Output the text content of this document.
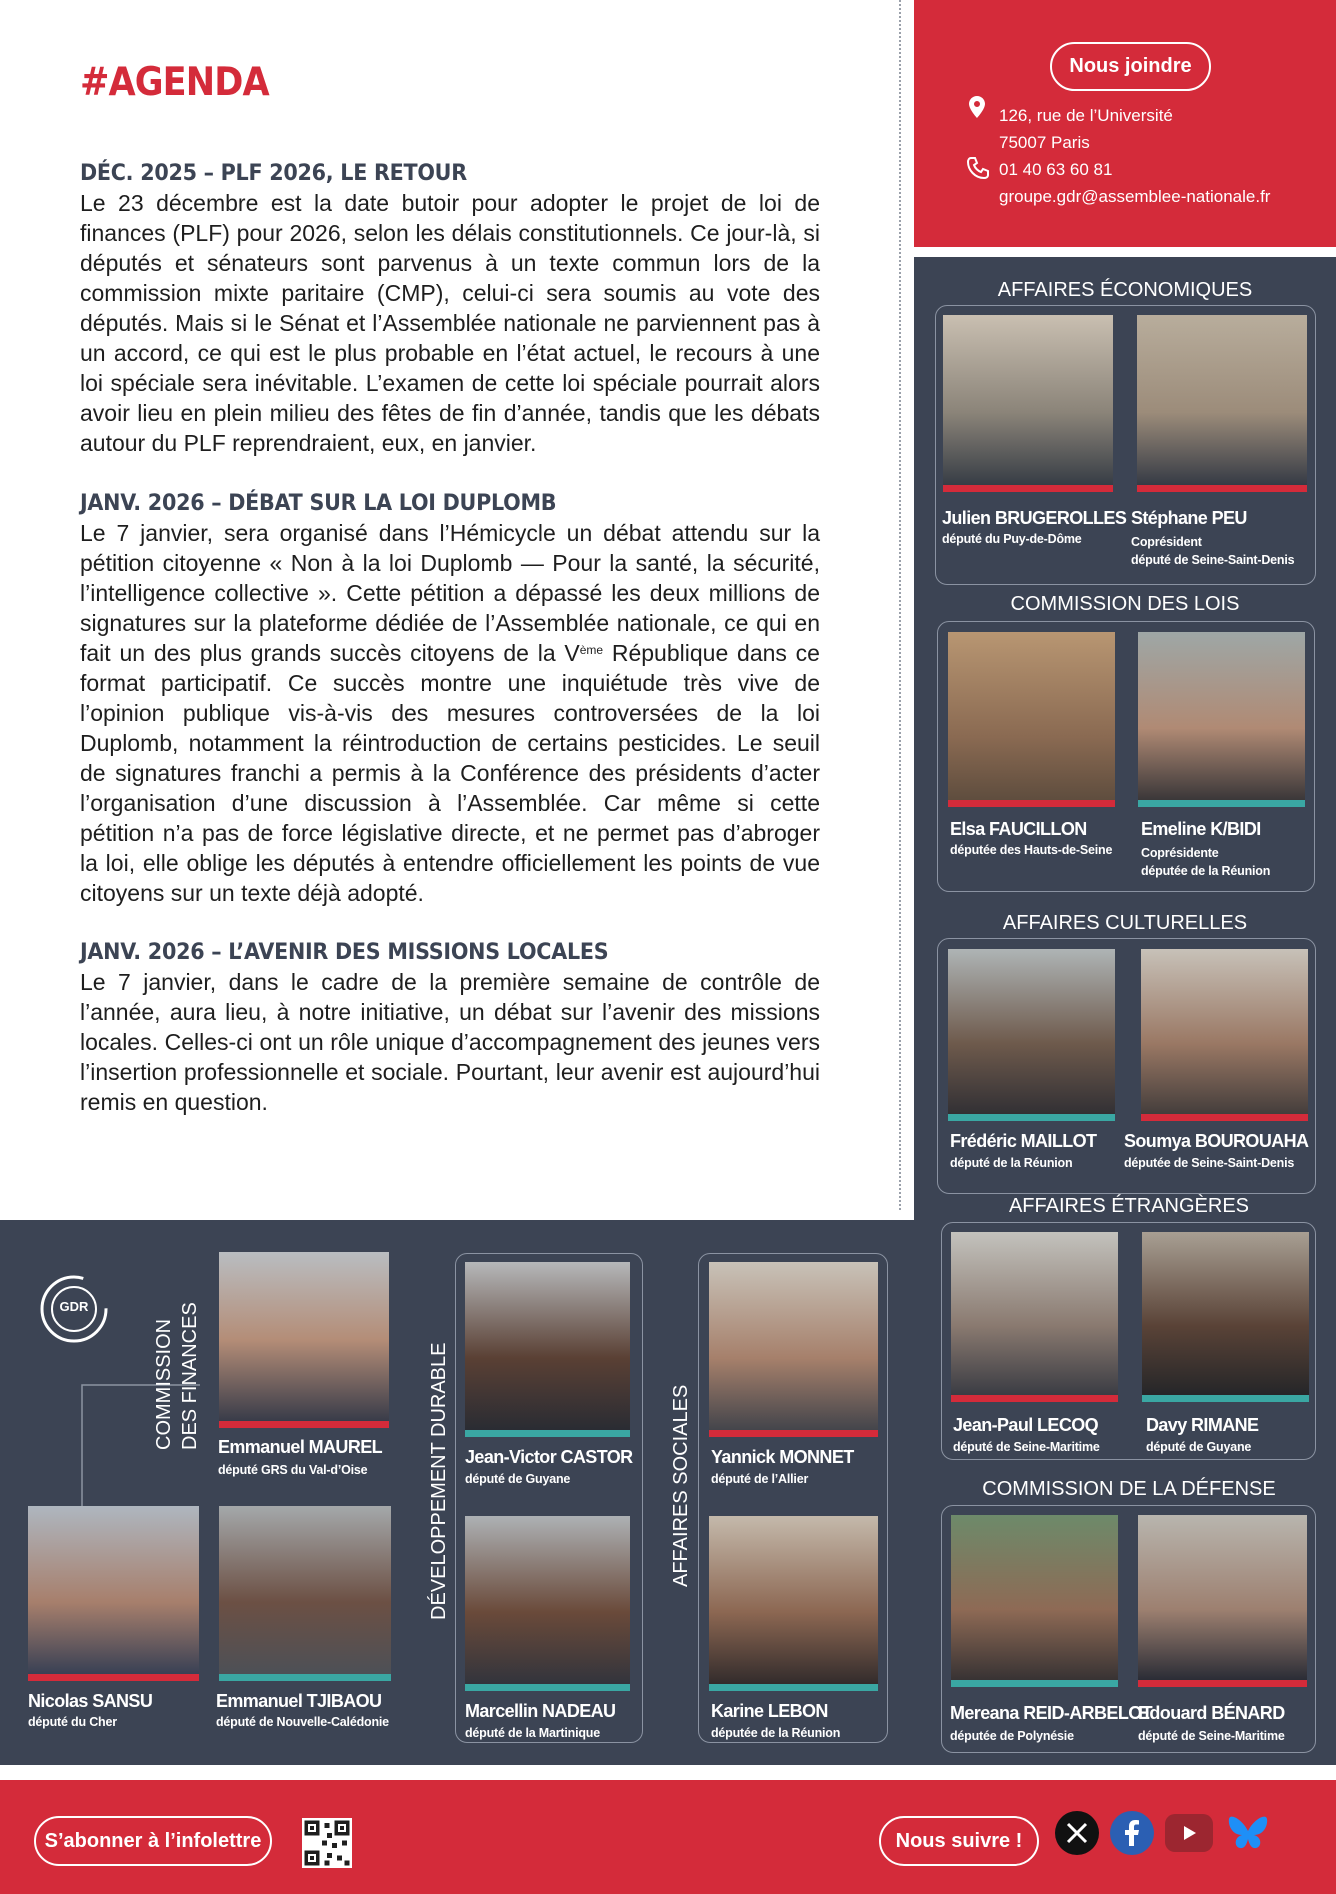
#AGENDA
DÉC. 2025 – PLF 2026, LE RETOUR

Le 23 décembre est la date butoir pour adopter le projet de loi de finances (PLF) pour 2026, selon les délais constitutionnels. Ce jour-là, si députés et sénateurs sont parvenus à un texte commun lors de la commission mixte paritaire (CMP), celui-ci sera soumis au vote des députés. Mais si le Sénat et l’Assemblée nationale ne parviennent pas à un accord, ce qui est le plus probable en l’état actuel, le recours à une loi spéciale sera inévitable. L’examen de cette loi spéciale pourrait alors avoir lieu en plein milieu des fêtes de fin d’année, tandis que les débats autour du PLF reprendraient, eux, en janvier.

JANV. 2026 – DÉBAT SUR LA LOI DUPLOMB

Le 7 janvier, sera organisé dans l’Hémicycle un débat attendu sur la pétition citoyenne « Non à la loi Duplomb — Pour la santé, la sécurité, l’intelligence collective ». Cette pétition a dépassé les deux millions de signatures sur la plateforme dédiée de l’Assemblée nationale, ce qui en fait un des plus grands succès citoyens de la Vème République dans ce format participatif. Ce succès montre une inquiétude très vive de l’opinion publique vis-à-vis des mesures controversées de la loi Duplomb, notamment la réintroduction de certains pesticides. Le seuil de signatures franchi a permis à la Conférence des présidents d’acter l’organisation d’une discussion à l’Assemblée. Car même si cette pétition n’a pas de force législative directe, et ne permet pas d’abroger la loi, elle oblige les députés à entendre officiellement les points de vue citoyens sur un texte déjà adopté.

JANV. 2026 – L’AVENIR DES MISSIONS LOCALES

Le 7 janvier, dans le cadre de la première semaine de contrôle de l’année, aura lieu, à notre initiative, un débat sur l’avenir des missions locales. Celles-ci ont un rôle unique d’accompagnement des jeunes vers l’insertion professionnelle et sociale. Pourtant, leur avenir est aujourd’hui remis en question.

Nous joindre
126, rue de l’Université
75007 Paris
01 40 63 60 81
groupe.gdr@assemblee-nationale.fr
AFFAIRES ÉCONOMIQUES
Julien BRUGEROLLES
député du Puy-de-Dôme
Stéphane PEU
Coprésident
député de Seine-Saint-Denis
COMMISSION DES LOIS
Elsa FAUCILLON
députée des Hauts-de-Seine
Emeline K/BIDI
Coprésidente
députée de la Réunion
AFFAIRES CULTURELLES
Frédéric MAILLOT
député de la Réunion
Soumya BOUROUAHA
députée de Seine-Saint-Denis
AFFAIRES ÉTRANGÈRES
Jean-Paul LECOQ
député de Seine-Maritime
Davy RIMANE
député de Guyane
COMMISSION DE LA DÉFENSE
Mereana REID-ARBELOT
députée de Polynésie
Edouard BÉNARD
député de Seine-Maritime
GDR
COMMISSION DES FINANCES Emmanuel MAUREL
député GRS du Val-d’Oise
Nicolas SANSU
député du Cher
Emmanuel TJIBAOU
député de Nouvelle-Calédonie
DÉVELOPPEMENT DURABLE Jean-Victor CASTOR
député de Guyane
Marcellin NADEAU
député de la Martinique
AFFAIRES SOCIALES Yannick MONNET
député de l’Allier
Karine LEBON
députée de la Réunion
S’abonner à l’infolettre	Nous suivre !
